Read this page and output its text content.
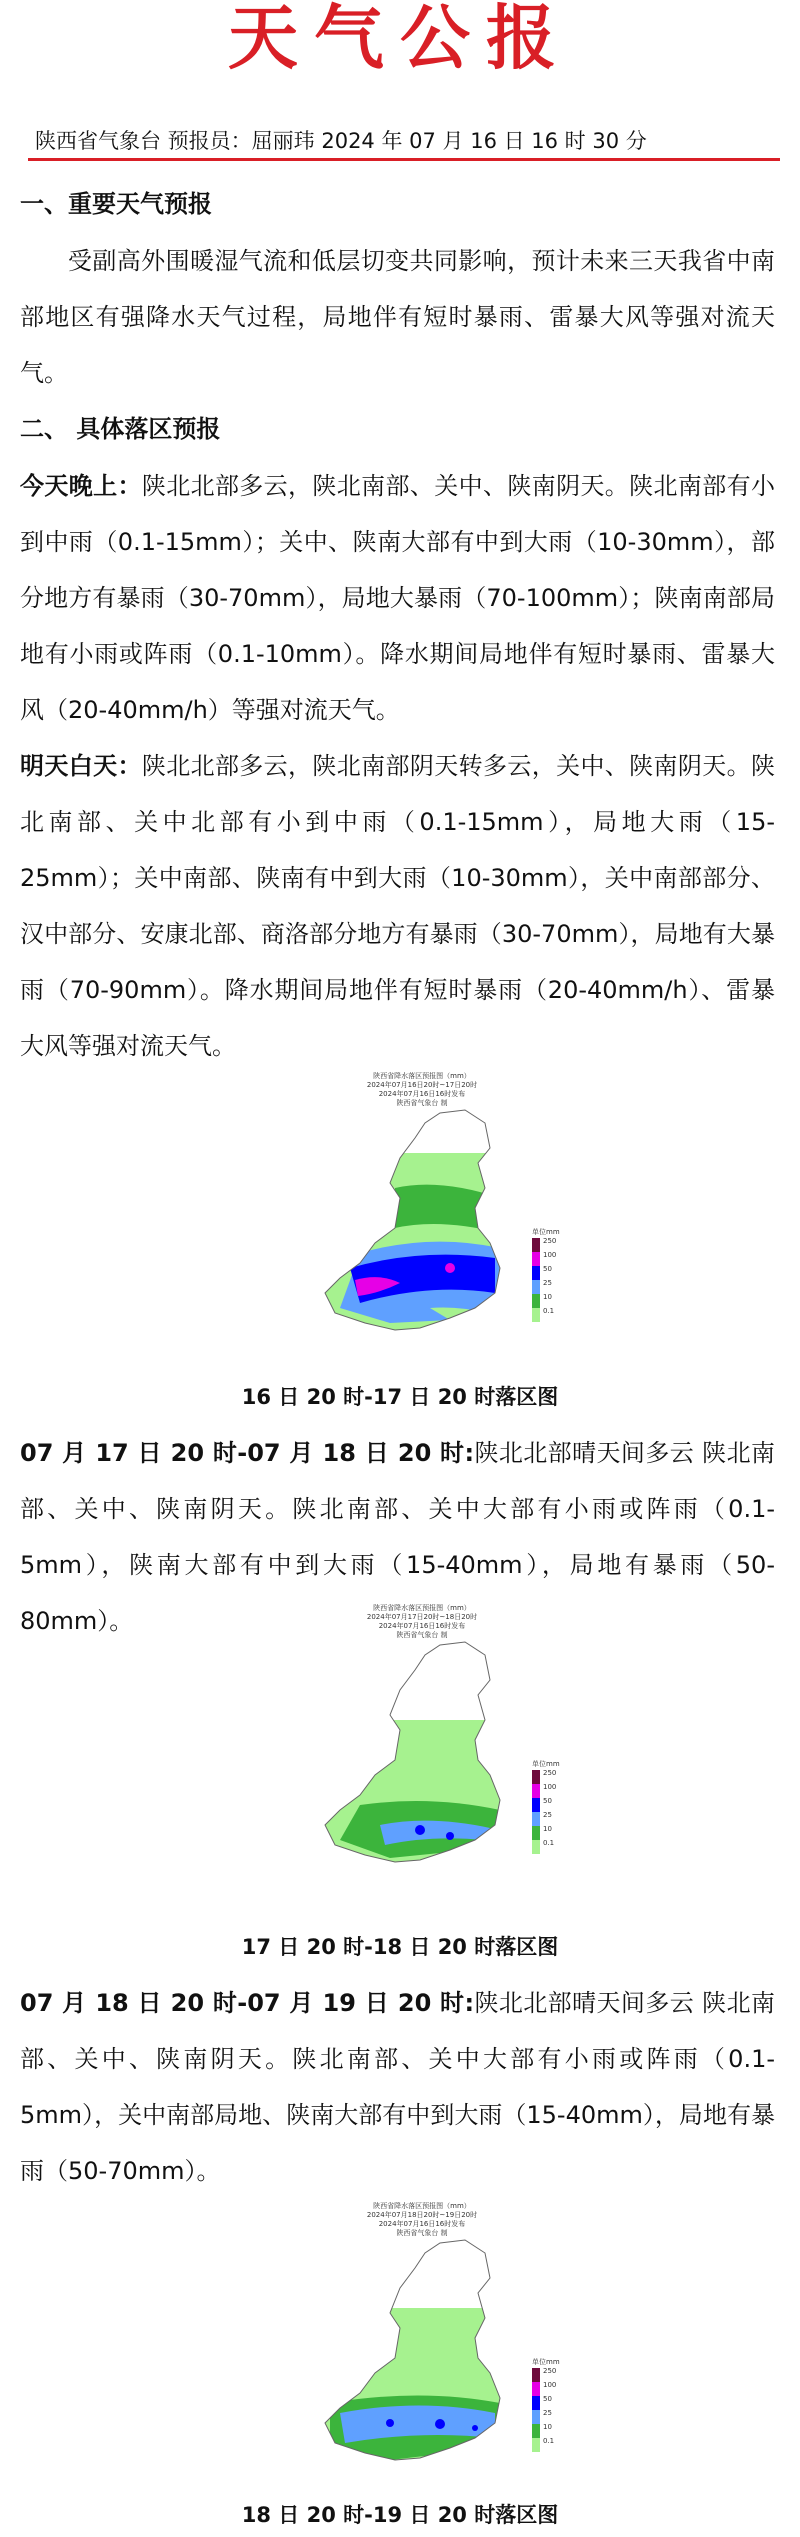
天气公报
陕西省气象台 预报员：屈丽玮 2024 年 07 月 16 日 16 时 30 分
一、重要天气预报
受副高外围暖湿气流和低层切变共同影响，预计未来三天我省中南部地区有强降水天气过程，局地伴有短时暴雨、雷暴大风等强对流天气。
二、 具体落区预报
今天晚上：陕北北部多云，陕北南部、关中、陕南阴天。陕北南部有小到中雨（0.1-15mm）；关中、陕南大部有中到大雨（10-30mm），部分地方有暴雨（30-70mm），局地大暴雨（70-100mm）；陕南南部局地有小雨或阵雨（0.1-10mm）。降水期间局地伴有短时暴雨、雷暴大风（20-40mm/h）等强对流天气。
明天白天：陕北北部多云，陕北南部阴天转多云，关中、陕南阴天。陕北南部、关中北部有小到中雨（0.1-15mm），局地大雨（15-25mm）；关中南部、陕南有中到大雨（10-30mm），关中南部部分、汉中部分、安康北部、商洛部分地方有暴雨（30-70mm），局地有大暴雨（70-90mm）。降水期间局地伴有短时暴雨（20-40mm/h）、雷暴大风等强对流天气。
陕西省降水落区预报图（mm）
2024年07月16日20时~17日20时
2024年07月16日16时发布
陕西省气象台 制
单位mm
250
100
50
25
10
0.1
16 日 20 时-17 日 20 时落区图
07 月 17 日 20 时-07 月 18 日 20 时:陕北北部晴天间多云 陕北南部、关中、陕南阴天。陕北南部、关中大部有小雨或阵雨（0.1-5mm），陕南大部有中到大雨（15-40mm），局地有暴雨（50-80mm）。	陕西省降水落区预报图（mm）
2024年07月17日20时~18日20时
2024年07月16日16时发布
陕西省气象台 制
单位mm
250
100
50
25
10
0.1
17 日 20 时-18 日 20 时落区图
07 月 18 日 20 时-07 月 19 日 20 时:陕北北部晴天间多云 陕北南部、关中、陕南阴天。陕北南部、关中大部有小雨或阵雨（0.1-5mm），关中南部局地、陕南大部有中到大雨（15-40mm），局地有暴雨（50-70mm）。
陕西省降水落区预报图（mm）
2024年07月18日20时~19日20时
2024年07月16日16时发布
陕西省气象台 制
单位mm
250
100
50
25
10
0.1
18 日 20 时-19 日 20 时落区图
